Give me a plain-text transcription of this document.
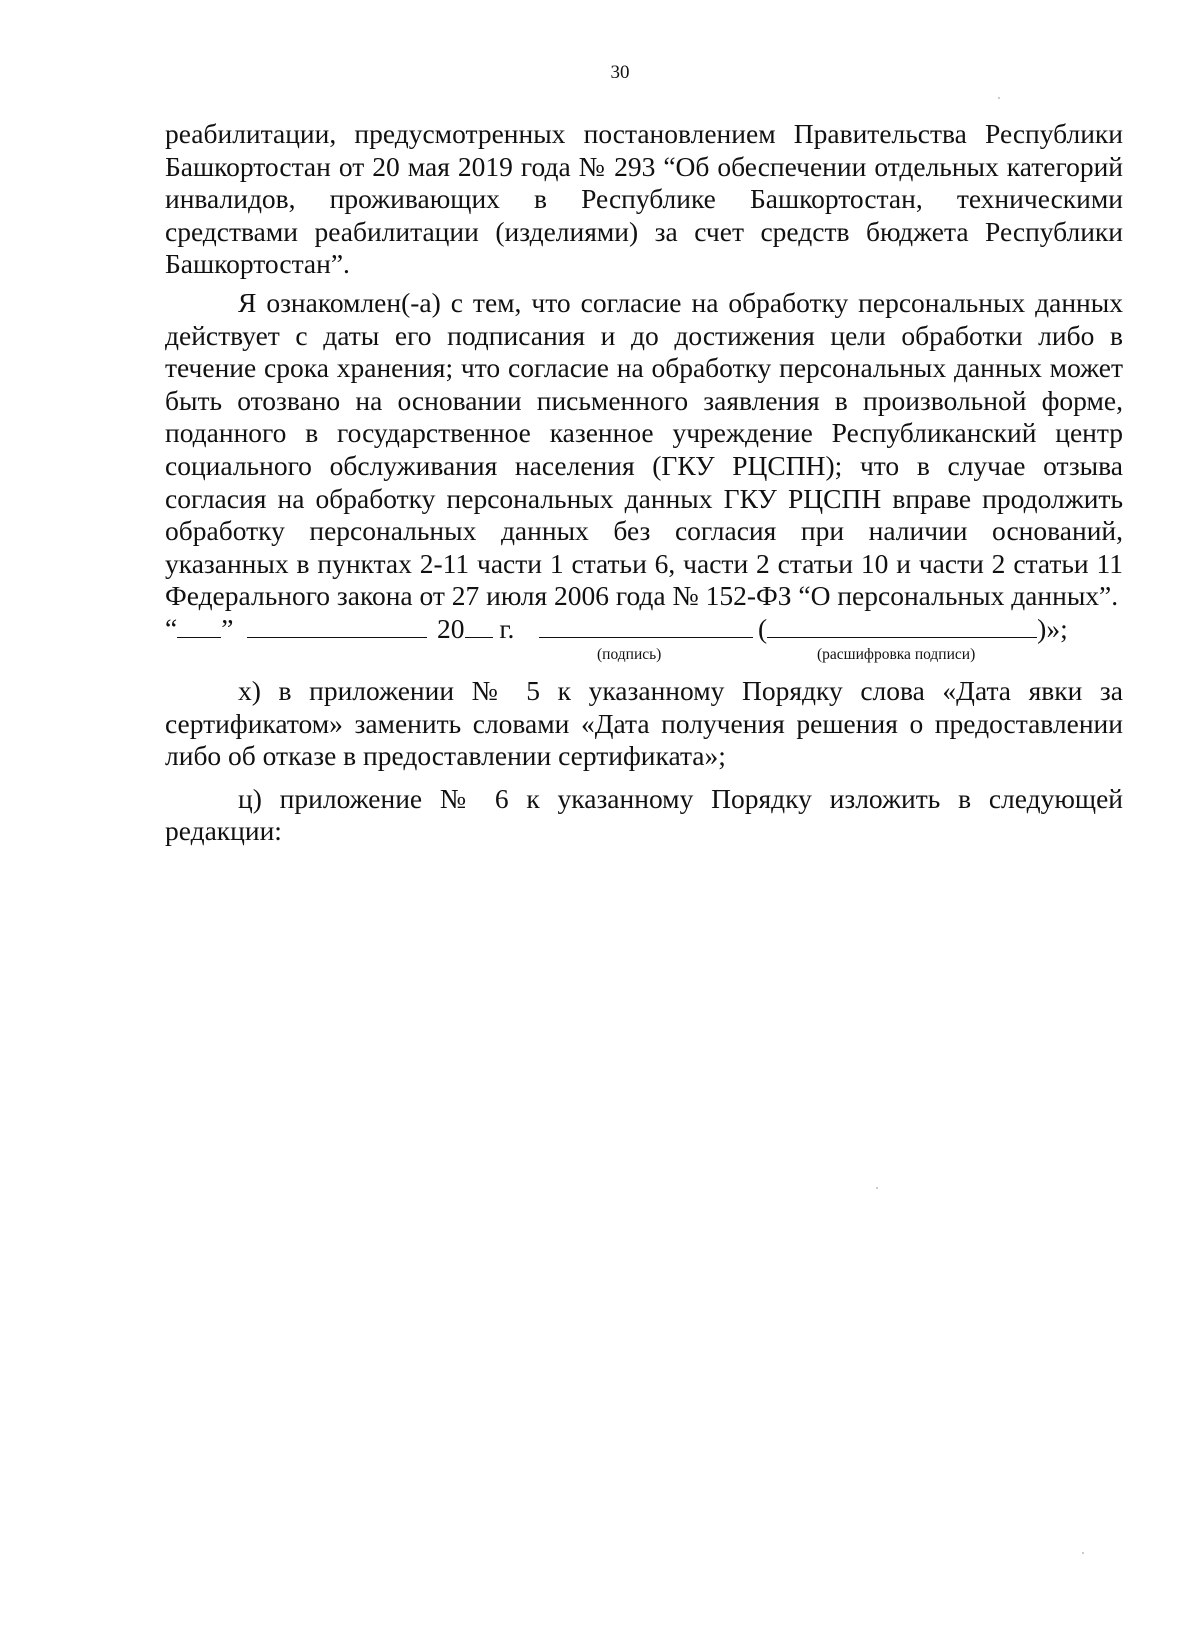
30

реабилитации, предусмотренных постановлением Правительства Республики Башкортостан от 20 мая 2019 года № 293 “Об обеспечении отдельных категорий инвалидов, проживающих в Республике Башкортостан, техническими средствами реабилитации (изделиями) за счет средств бюджета Республики Башкортостан”.

Я ознакомлен(-а) с тем, что согласие на обработку персональных данных действует с даты его подписания и до достижения цели обработки либо в течение срока хранения; что согласие на обработку персональных данных может быть отозвано на основании письменного заявления в произвольной форме, поданного в государственное казенное учреждение Республиканский центр социального обслуживания населения (ГКУ РЦСПН); что в случае отзыва согласия на обработку персональных данных ГКУ РЦСПН вправе продолжить обработку персональных данных без согласия при наличии оснований, указанных в пунктах 2-11 части 1 статьи 6, части 2 статьи 10 и части 2 статьи 11 Федерального закона от 27 июля 2006 года № 152-ФЗ “О персональных данных”.

“ ”	20 г.	(	)»;
(подпись)	(расшифровка подписи)

х) в приложении № 5 к указанному Порядку слова «Дата явки за сертификатом» заменить словами «Дата получения решения о предоставлении либо об отказе в предоставлении сертификата»;

ц) приложение № 6 к указанному Порядку изложить в следующей редакции:
